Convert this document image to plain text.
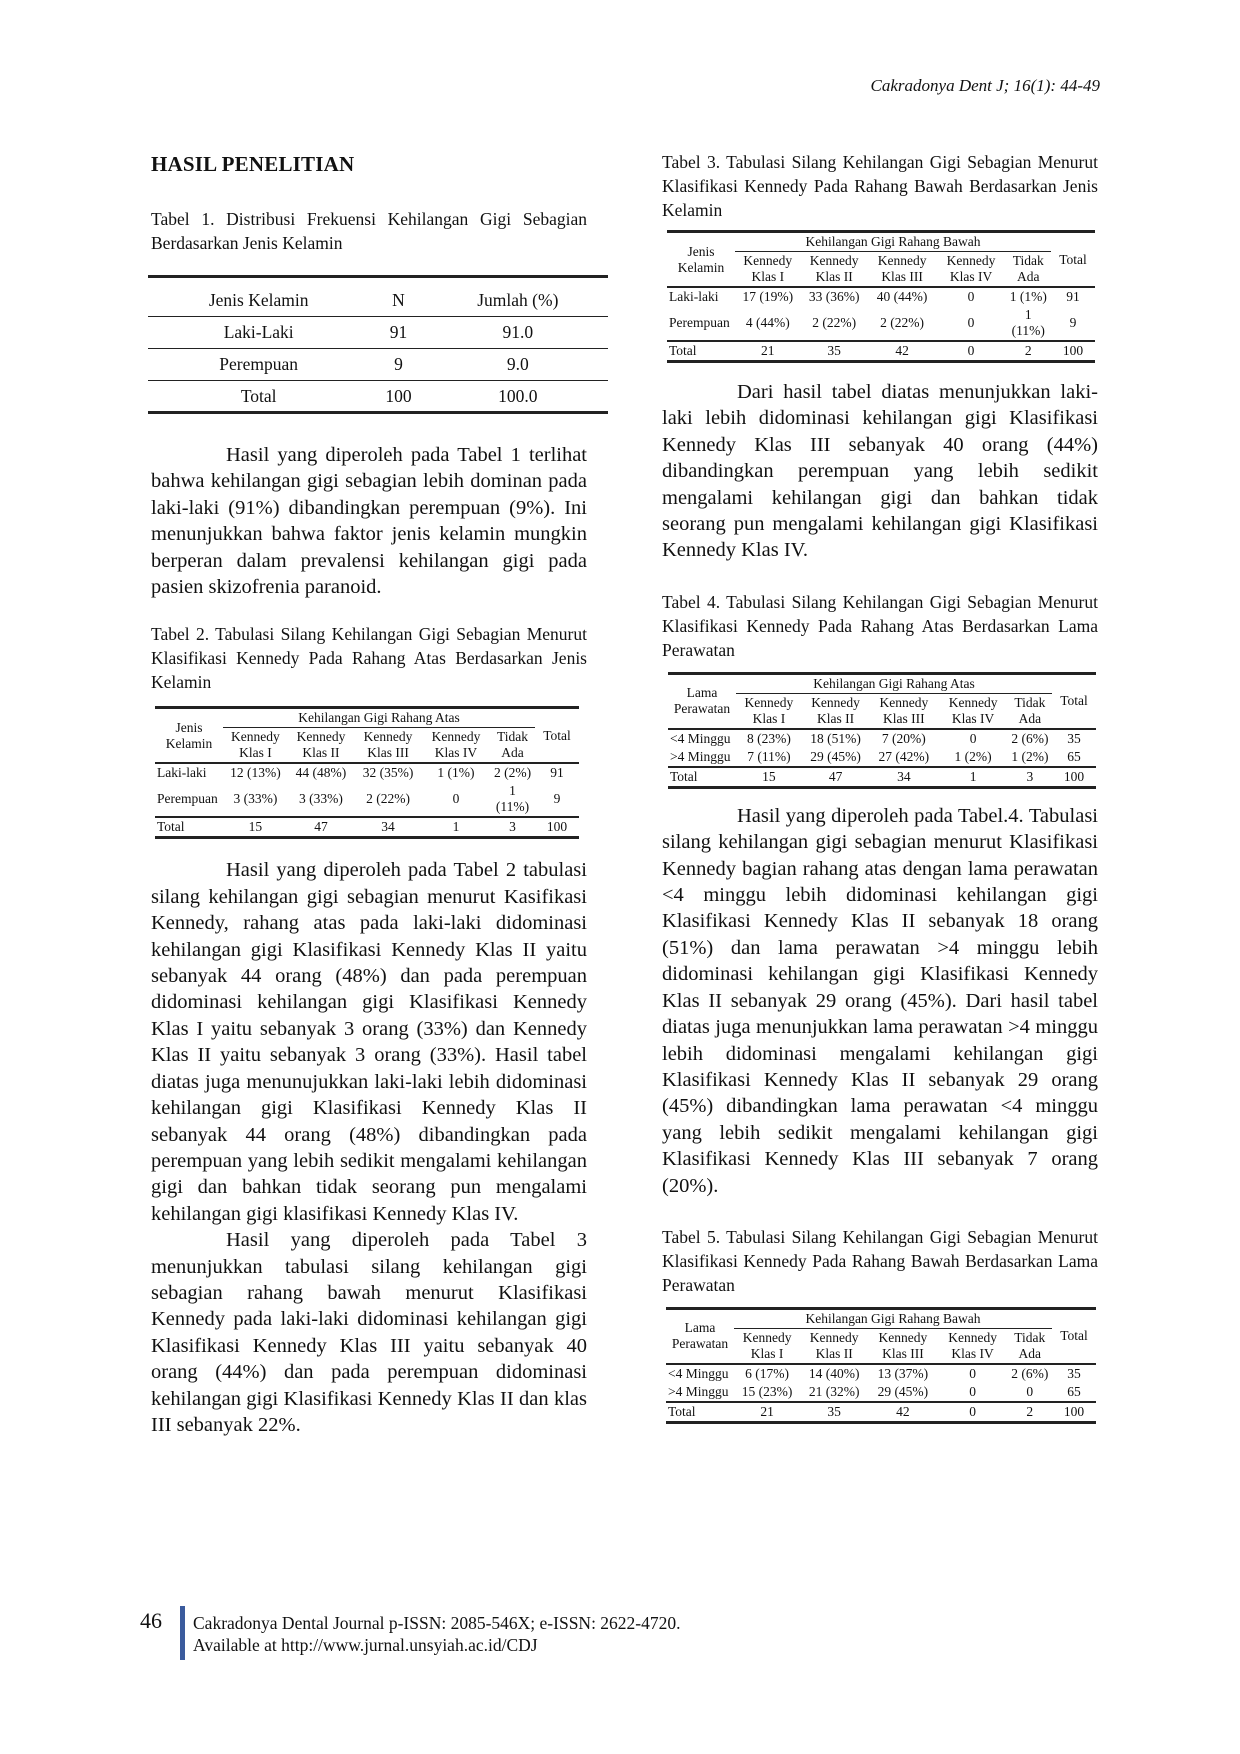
Cakradonya Dent J; 16(1): 44-49
HASIL PENELITIAN
Tabel 1. Distribusi Frekuensi Kehilangan Gigi Sebagian Berdasarkan Jenis Kelamin
Jenis Kelamin	N	Jumlah (%)
Laki-Laki	91	91.0
Perempuan	9	9.0
Total	100	100.0
Hasil yang diperoleh pada Tabel 1 terlihat bahwa kehilangan gigi sebagian lebih dominan pada laki-laki (91%) dibandingkan perempuan (9%). Ini menunjukkan bahwa faktor jenis kelamin mungkin berperan dalam prevalensi kehilangan gigi pada pasien skizofrenia paranoid.
Tabel 2. Tabulasi Silang Kehilangan Gigi Sebagian Menurut Klasifikasi Kennedy Pada Rahang Atas Berdasarkan Jenis Kelamin
Jenis Kelamin	Kehilangan Gigi Rahang Atas					Total
	Kennedy Klas I	Kennedy Klas II	Kennedy Klas III	Kennedy Klas IV	Tidak Ada	
Laki-laki	12 (13%)	44 (48%)	32 (35%)	1 (1%)	2 (2%)	91
Perempuan	3 (33%)	3 (33%)	2 (22%)	0	1 (11%)	9
Total	15	47	34	1	3	100
Hasil yang diperoleh pada Tabel 2 tabulasi silang kehilangan gigi sebagian menurut Kasifikasi Kennedy, rahang atas pada laki-laki didominasi kehilangan gigi Klasifikasi Kennedy Klas II yaitu sebanyak 44 orang (48%) dan pada perempuan didominasi kehilangan gigi Klasifikasi Kennedy Klas I yaitu sebanyak 3 orang (33%) dan Kennedy Klas II yaitu sebanyak 3 orang (33%). Hasil tabel diatas juga menunujukkan laki-laki lebih didominasi kehilangan gigi Klasifikasi Kennedy Klas II sebanyak 44 orang (48%) dibandingkan pada perempuan yang lebih sedikit mengalami kehilangan gigi dan bahkan tidak seorang pun mengalami kehilangan gigi klasifikasi Kennedy Klas IV.
Hasil yang diperoleh pada Tabel 3 menunjukkan tabulasi silang kehilangan gigi sebagian rahang bawah menurut Klasifikasi Kennedy pada laki-laki didominasi kehilangan gigi Klasifikasi Kennedy Klas III yaitu sebanyak 40 orang (44%) dan pada perempuan didominasi kehilangan gigi Klasifikasi Kennedy Klas II dan klas III sebanyak 22%.
Tabel 3. Tabulasi Silang Kehilangan Gigi Sebagian Menurut Klasifikasi Kennedy Pada Rahang Bawah Berdasarkan Jenis Kelamin
Jenis Kelamin	Kehilangan Gigi Rahang Bawah					Total
	Kennedy Klas I	Kennedy Klas II	Kennedy Klas III	Kennedy Klas IV	Tidak Ada	
Laki-laki	17 (19%)	33 (36%)	40 (44%)	0	1 (1%)	91
Perempuan	4 (44%)	2 (22%)	2 (22%)	0	1 (11%)	9
Total	21	35	42	0	2	100
Dari hasil tabel diatas menunjukkan laki-laki lebih didominasi kehilangan gigi Klasifikasi Kennedy Klas III sebanyak 40 orang (44%) dibandingkan perempuan yang lebih sedikit mengalami kehilangan gigi dan bahkan tidak seorang pun mengalami kehilangan gigi Klasifikasi Kennedy Klas IV.
Tabel 4. Tabulasi Silang Kehilangan Gigi Sebagian Menurut Klasifikasi Kennedy Pada Rahang Atas Berdasarkan Lama Perawatan
Lama Perawatan	Kehilangan Gigi Rahang Atas					Total
	Kennedy Klas I	Kennedy Klas II	Kennedy Klas III	Kennedy Klas IV	Tidak Ada	
<4 Minggu	8 (23%)	18 (51%)	7 (20%)	0	2 (6%)	35
>4 Minggu	7 (11%)	29 (45%)	27 (42%)	1 (2%)	1 (2%)	65
Total	15	47	34	1	3	100
Hasil yang diperoleh pada Tabel.4. Tabulasi silang kehilangan gigi sebagian menurut Klasifikasi Kennedy bagian rahang atas dengan lama perawatan <4 minggu lebih didominasi kehilangan gigi Klasifikasi Kennedy Klas II sebanyak 18 orang (51%) dan lama perawatan >4 minggu lebih didominasi kehilangan gigi Klasifikasi Kennedy Klas II sebanyak 29 orang (45%). Dari hasil tabel diatas juga menunjukkan lama perawatan >4 minggu lebih didominasi mengalami kehilangan gigi Klasifikasi Kennedy Klas II sebanyak 29 orang (45%) dibandingkan lama perawatan <4 minggu yang lebih sedikit mengalami kehilangan gigi Klasifikasi Kennedy Klas III sebanyak 7 orang (20%).
Tabel 5. Tabulasi Silang Kehilangan Gigi Sebagian Menurut Klasifikasi Kennedy Pada Rahang Bawah Berdasarkan Lama Perawatan
Lama Perawatan	Kehilangan Gigi Rahang Bawah					Total
	Kennedy Klas I	Kennedy Klas II	Kennedy Klas III	Kennedy Klas IV	Tidak Ada	
<4 Minggu	6 (17%)	14 (40%)	13 (37%)	0	2 (6%)	35
>4 Minggu	15 (23%)	21 (32%)	29 (45%)	0	0	65
Total	21	35	42	0	2	100
46 Cakradonya Dental Journal p-ISSN: 2085-546X; e-ISSN: 2622-4720.
Available at http://www.jurnal.unsyiah.ac.id/CDJ
